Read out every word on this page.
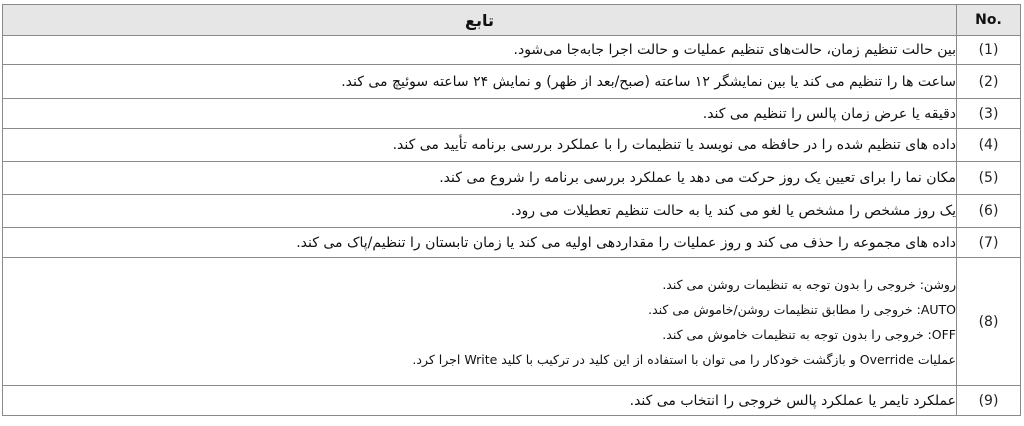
تابع	No.
بین حالت تنظیم زمان، حالت‌های تنظیم عملیات و حالت اجرا جابه‌جا می‌شود.	(1)
ساعت ها را تنظیم می کند یا بین نمایشگر ۱۲ ساعته (صبح/بعد از ظهر) و نمایش ۲۴ ساعته سوئیچ می کند.	(2)
دقیقه یا عرض زمان پالس را تنظیم می کند.	(3)
داده های تنظیم شده را در حافظه می نویسد یا تنظیمات را با عملکرد بررسی برنامه تأیید می کند.	(4)
مکان نما را برای تعیین یک روز حرکت می دهد یا عملکرد بررسی برنامه را شروع می کند.	(5)
یک روز مشخص را مشخص یا لغو می کند یا به حالت تنظیم تعطیلات می رود.	(6)
داده های مجموعه را حذف می کند و روز عملیات را مقداردهی اولیه می کند یا زمان تابستان را تنظیم/پاک می کند.	(7)

روشن: خروجی را بدون توجه به تنظیمات روشن می کند.
AUTO: خروجی را مطابق تنظیمات روشن/خاموش می کند.
OFF: خروجی را بدون توجه به تنظیمات خاموش می کند.
عملیات Override و بازگشت خودکار را می توان با استفاده از این کلید در ترکیب با کلید Write اجرا کرد.	(8)
عملکرد تایمر یا عملکرد پالس خروجی را انتخاب می کند.	(9)
